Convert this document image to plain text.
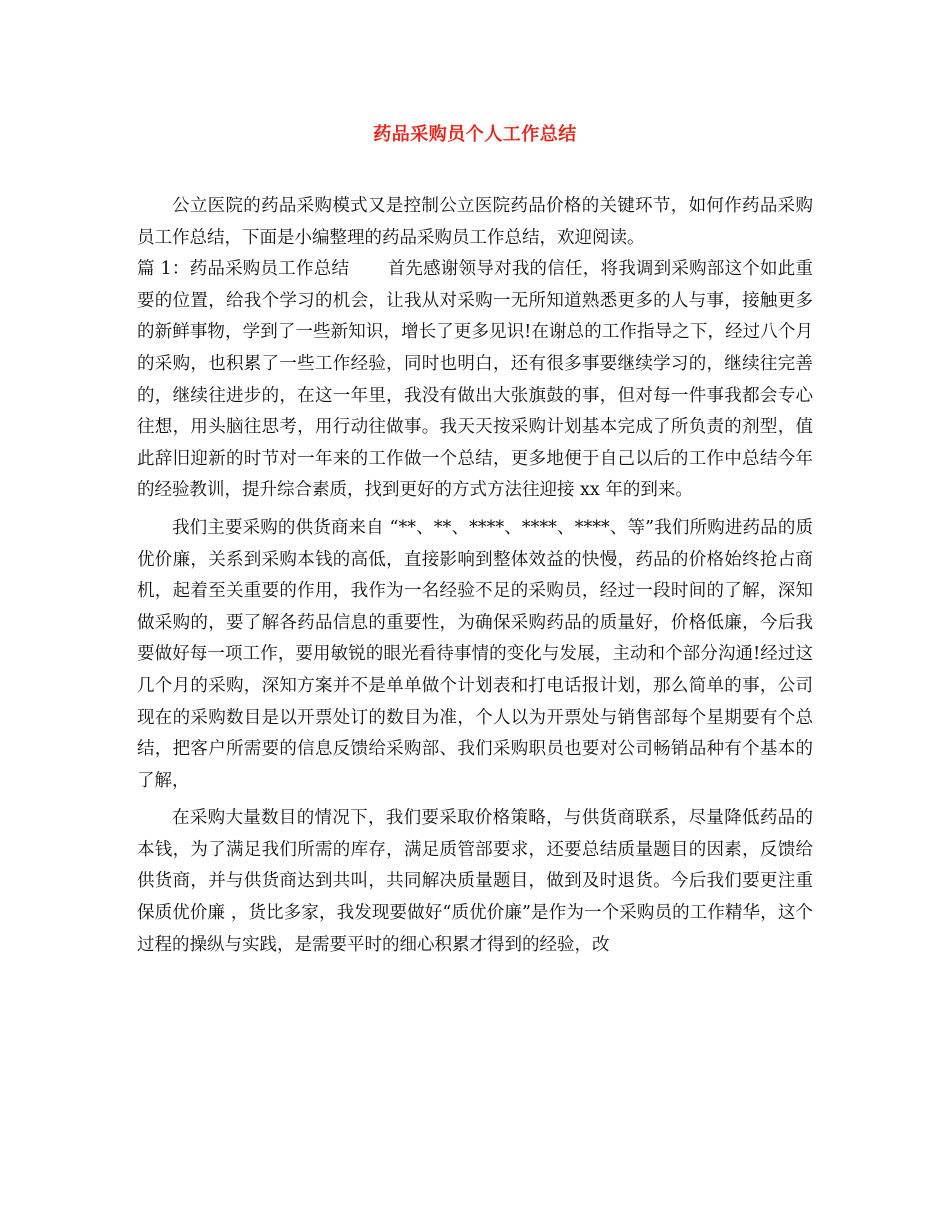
药品采购员个人工作总结

公立医院的药品采购模式又是控制公立医院药品价格的关键环节，如何作药品采购员工作总结，下面是小编整理的药品采购员工作总结，欢迎阅读。

篇 1：药品采购员工作总结 首先感谢领导对我的信任，将我调到采购部这个如此重要的位置，给我个学习的机会，让我从对采购一无所知道熟悉更多的人与事，接触更多的新鲜事物，学到了一些新知识，增长了更多见识!在谢总的工作指导之下，经过八个月的采购，也积累了一些工作经验，同时也明白，还有很多事要继续学习的，继续往完善的，继续往进步的，在这一年里，我没有做出大张旗鼓的事，但对每一件事我都会专心往想，用头脑往思考，用行动往做事。我天天按采购计划基本完成了所负责的剂型，值此辞旧迎新的时节对一年来的工作做一个总结，更多地便于自己以后的工作中总结今年的经验教训，提升综合素质，找到更好的方式方法往迎接 xx 年的到来。

我们主要采购的供货商来自 “**、**、****、****、****、等”我们所购进药品的质优价廉，关系到采购本钱的高低，直接影响到整体效益的快慢，药品的价格始终抢占商机，起着至关重要的作用，我作为一名经验不足的采购员，经过一段时间的了解，深知做采购的，要了解各药品信息的重要性，为确保采购药品的质量好，价格低廉，今后我要做好每一项工作，要用敏锐的眼光看待事情的变化与发展，主动和个部分沟通!经过这几个月的采购，深知方案并不是单单做个计划表和打电话报计划，那么简单的事，公司现在的采购数目是以开票处订的数目为准，个人以为开票处与销售部每个星期要有个总结，把客户所需要的信息反馈给采购部、我们采购职员也要对公司畅销品种有个基本的了解，

在采购大量数目的情况下，我们要采取价格策略，与供货商联系，尽量降低药品的本钱，为了满足我们所需的库存，满足质管部要求，还要总结质量题目的因素，反馈给供货商，并与供货商达到共叫，共同解决质量题目，做到及时退货。今后我们要更注重保质优价廉 ，货比多家，我发现要做好“质优价廉”是作为一个采购员的工作精华，这个过程的操纵与实践，是需要平时的细心积累才得到的经验，改
